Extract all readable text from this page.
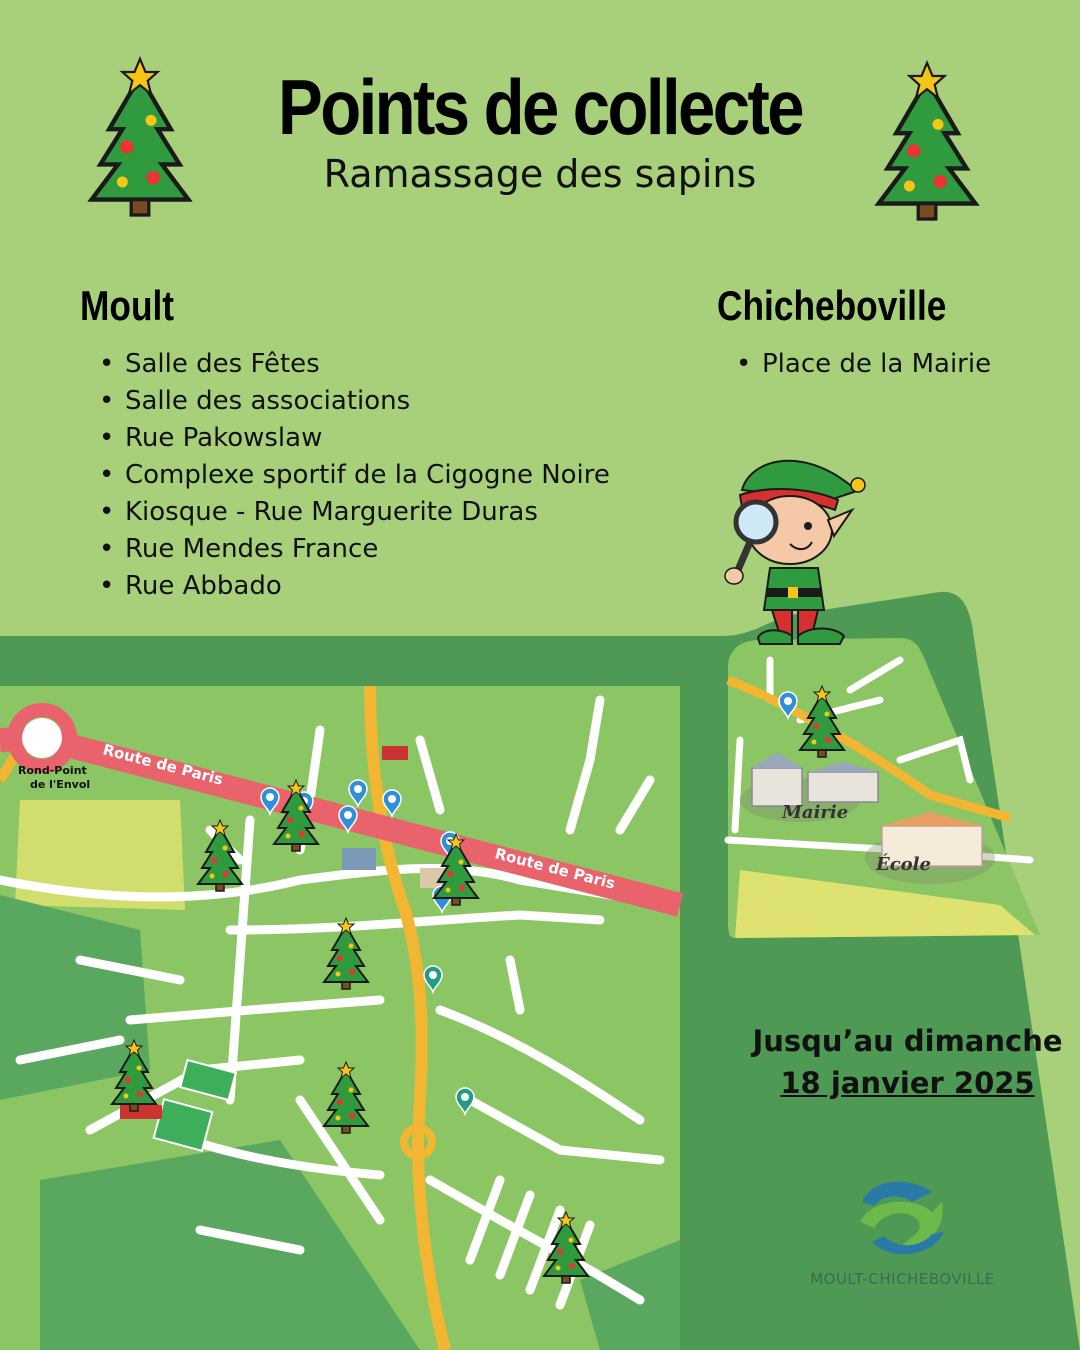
Route de Paris
Route de Paris
Rond-Point
de l'Envol
Mairie
École
Points de collecte
Ramassage des sapins
Moult
• Salle des Fêtes
• Salle des associations
• Rue Pakowslaw
• Complexe sportif de la Cigogne Noire
• Kiosque - Rue Marguerite Duras
• Rue Mendes France
• Rue Abbado
Chicheboville
• Place de la Mairie
Jusqu’au dimanche
18 janvier 2025
MOULT-CHICHEBOVILLE
